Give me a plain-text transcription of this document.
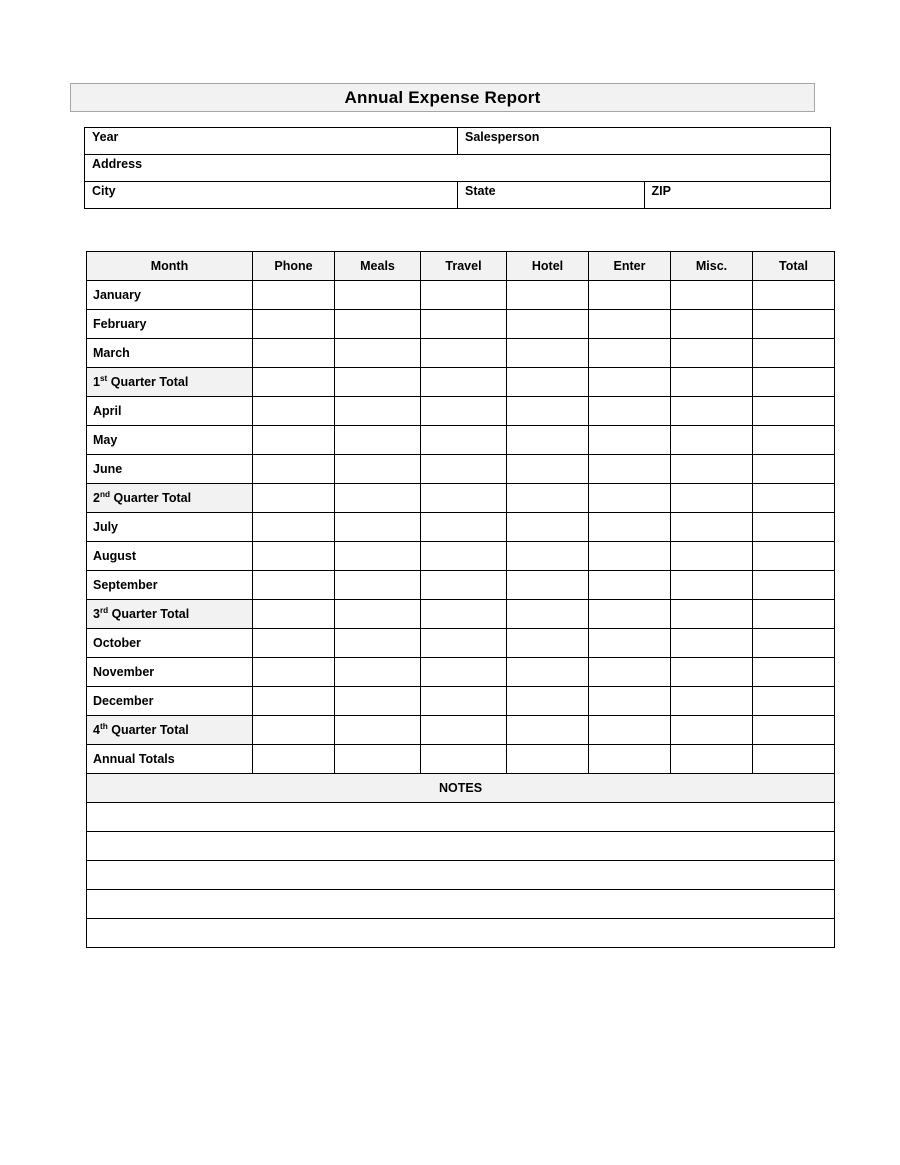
Annual Expense Report
Year	Salesperson	
Address		
City	State	ZIP
Month	Phone	Meals	Travel	Hotel	Enter	Misc.	Total
January							
February							
March							
1st Quarter Total							
April							
May							
June							
2nd Quarter Total							
July							
August							
September							
3rd Quarter Total							
October							
November							
December							
4th Quarter Total							
Annual Totals							
NOTES							
